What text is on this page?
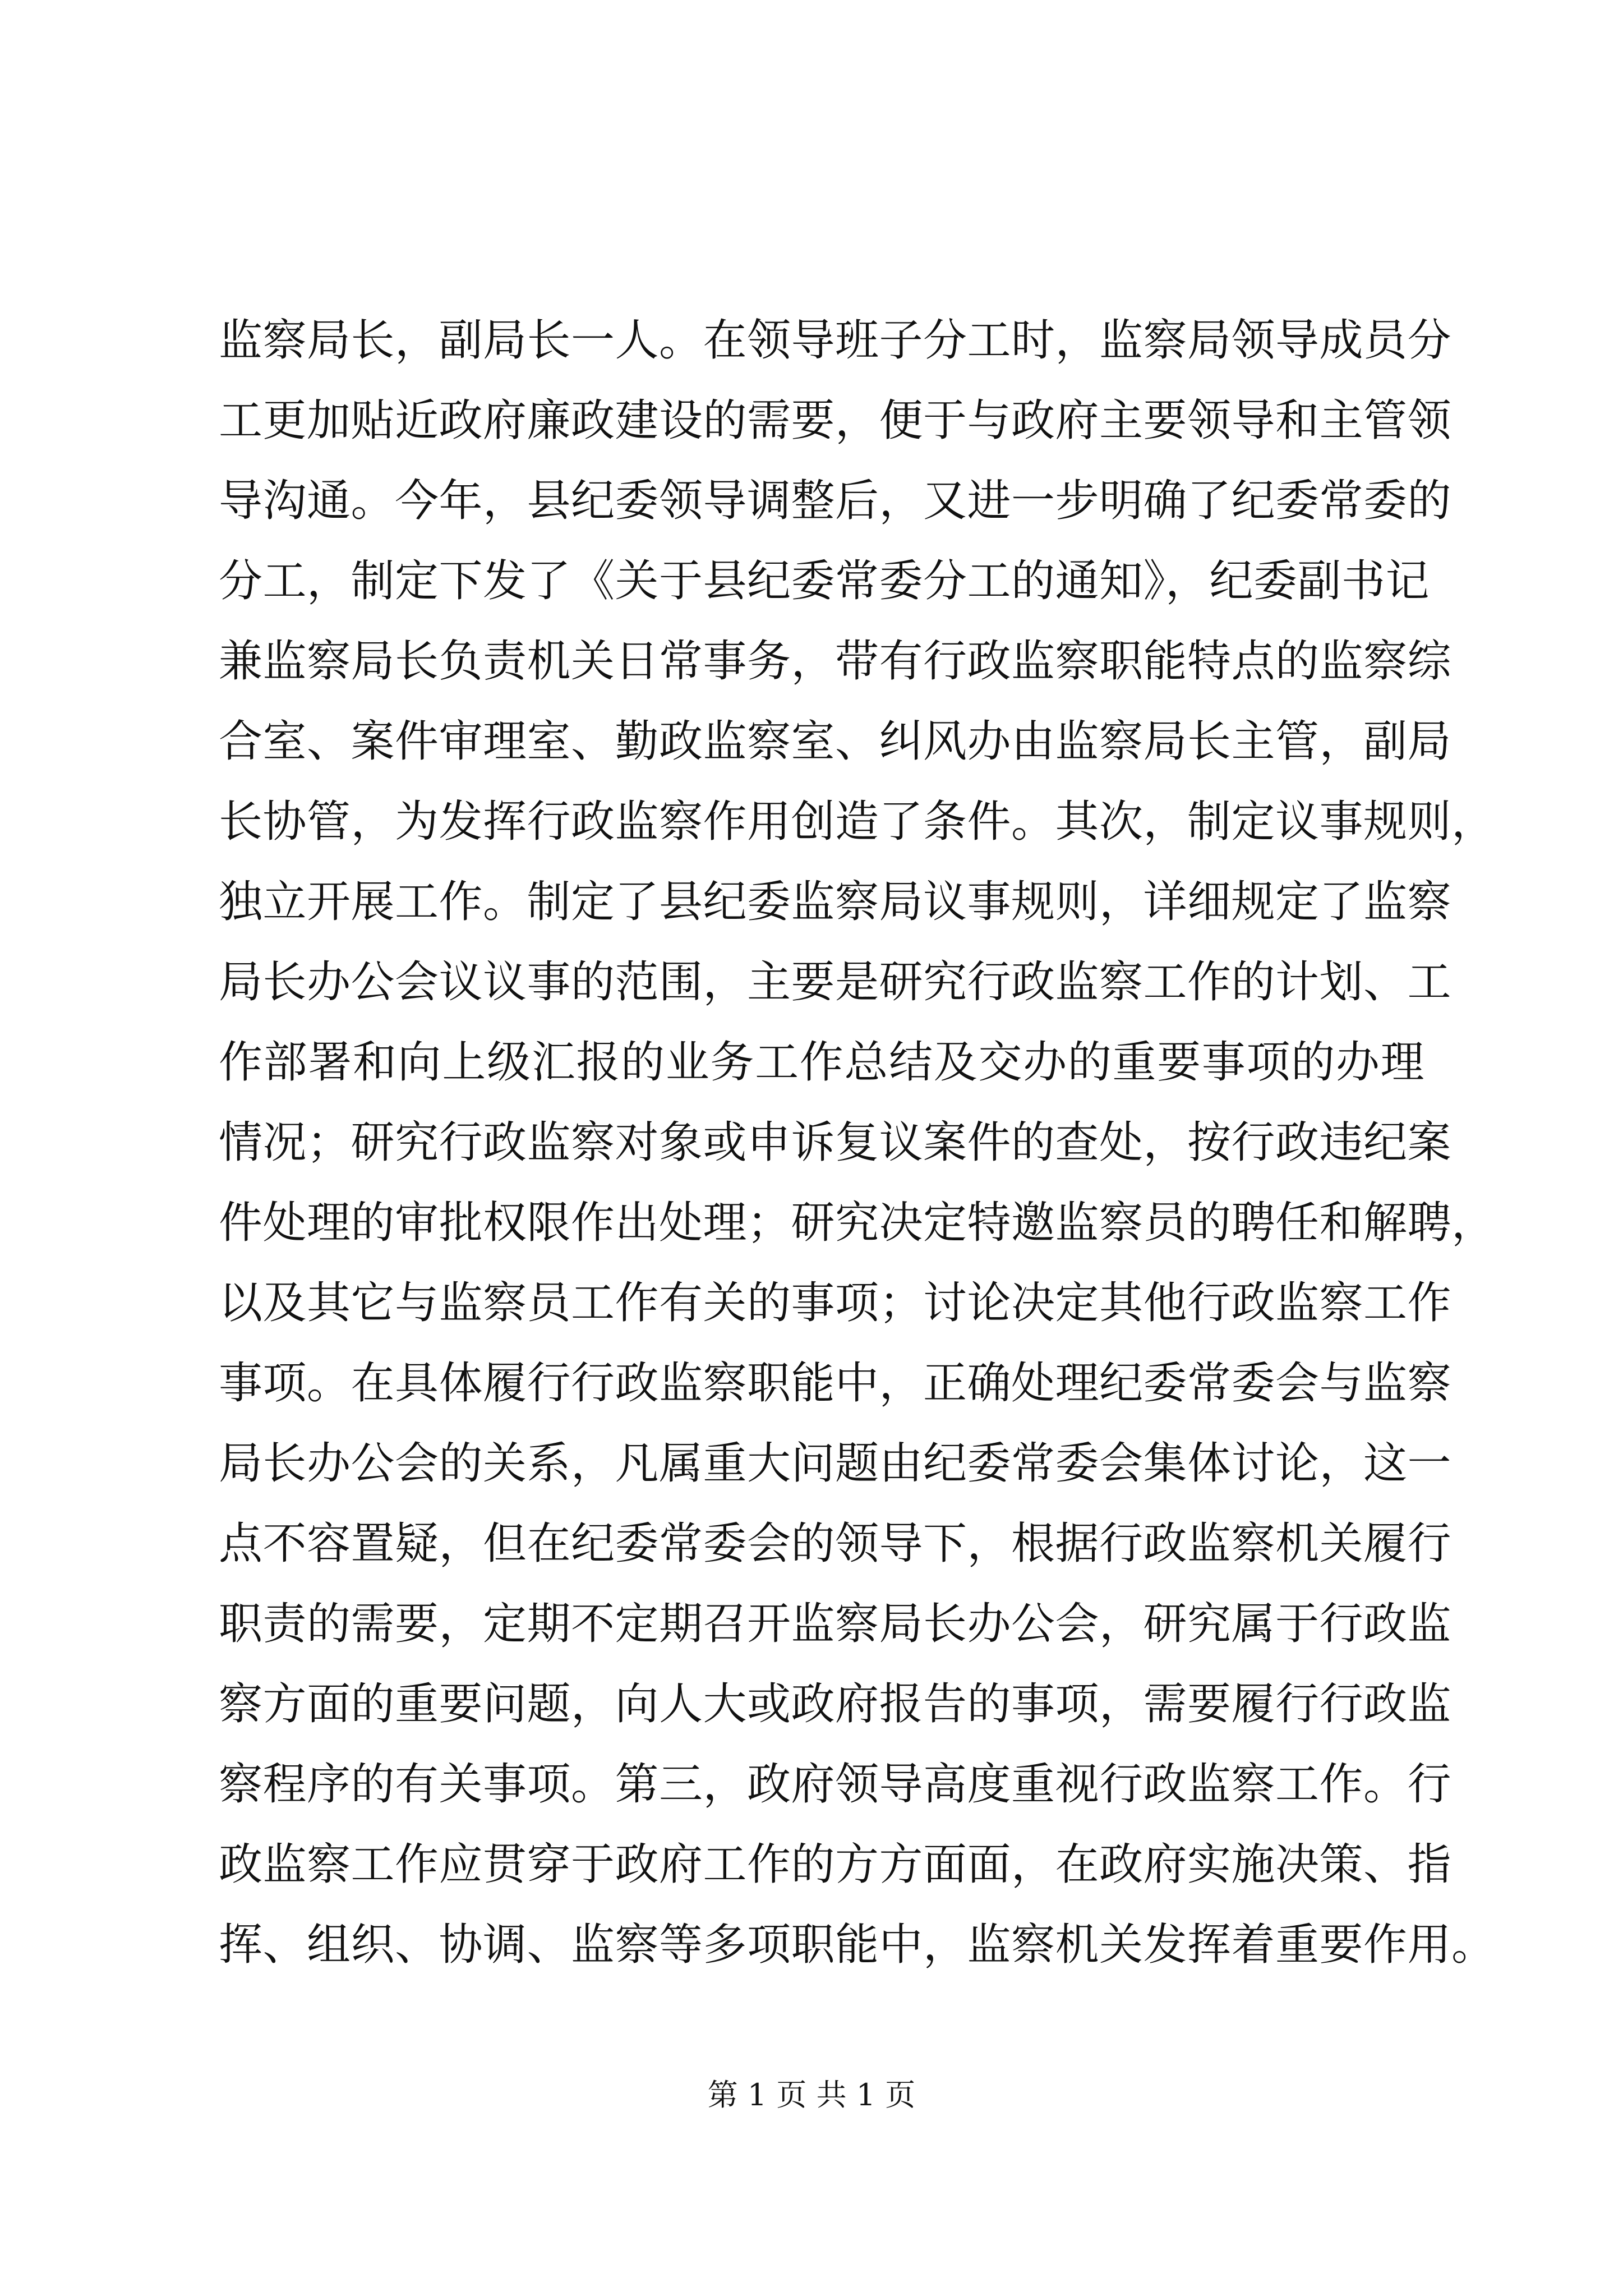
监察局长，副局长一人。在领导班子分工时，监察局领导成员分
工更加贴近政府廉政建设的需要，便于与政府主要领导和主管领
导沟通。今年，县纪委领导调整后，又进一步明确了纪委常委的
分工，制定下发了《关于县纪委常委分工的通知》，纪委副书记
兼监察局长负责机关日常事务，带有行政监察职能特点的监察综
合室、案件审理室、勤政监察室、纠风办由监察局长主管，副局
长协管，为发挥行政监察作用创造了条件。其次，制定议事规则，
独立开展工作。制定了县纪委监察局议事规则，详细规定了监察
局长办公会议议事的范围，主要是研究行政监察工作的计划、工
作部署和向上级汇报的业务工作总结及交办的重要事项的办理
情况；研究行政监察对象或申诉复议案件的查处，按行政违纪案
件处理的审批权限作出处理；研究决定特邀监察员的聘任和解聘，
以及其它与监察员工作有关的事项；讨论决定其他行政监察工作
事项。在具体履行行政监察职能中，正确处理纪委常委会与监察
局长办公会的关系，凡属重大问题由纪委常委会集体讨论，这一
点不容置疑，但在纪委常委会的领导下，根据行政监察机关履行
职责的需要，定期不定期召开监察局长办公会，研究属于行政监
察方面的重要问题，向人大或政府报告的事项，需要履行行政监
察程序的有关事项。第三，政府领导高度重视行政监察工作。行
政监察工作应贯穿于政府工作的方方面面，在政府实施决策、指
挥、组织、协调、监察等多项职能中，监察机关发挥着重要作用。
第 1 页 共 1 页
